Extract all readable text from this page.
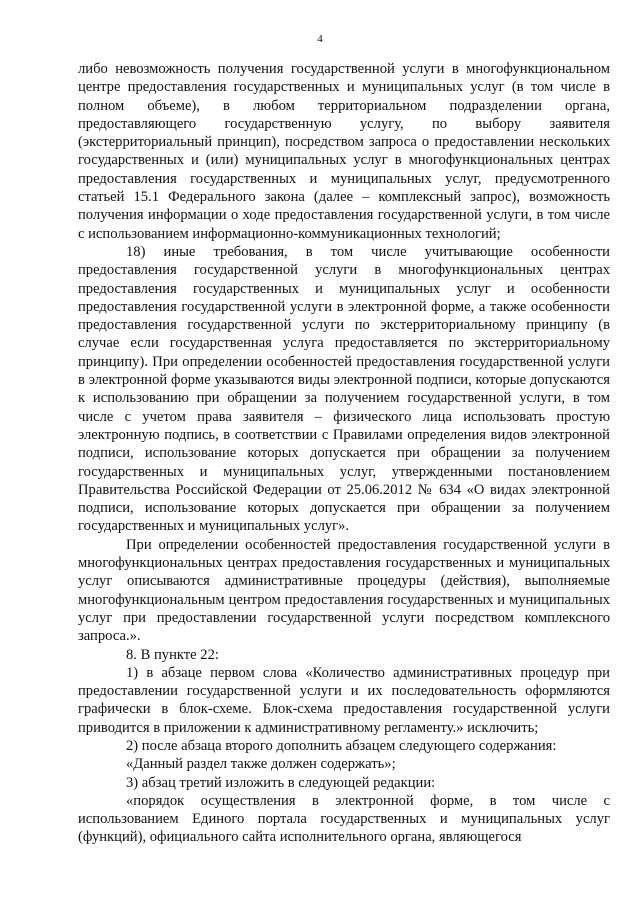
4

либо невозможность получения государственной услуги в многофункциональном центре предоставления государственных и муниципальных услуг (в том числе в полном объеме), в любом территориальном подразделении органа, предоставляющего государственную услугу, по выбору заявителя (экстерриториальный принцип), посредством запроса о предоставлении нескольких государственных и (или) муниципальных услуг в многофункциональных центрах предоставления государственных и муниципальных услуг, предусмотренного статьей 15.1 Федерального закона (далее – комплексный запрос), возможность получения информации о ходе предоставления государственной услуги, в том числе с использованием информационно-коммуникационных технологий;

18) иные требования, в том числе учитывающие особенности предоставления государственной услуги в многофункциональных центрах предоставления государственных и муниципальных услуг и особенности предоставления государственной услуги в электронной форме, а также особенности предоставления государственной услуги по экстерриториальному принципу (в случае если государственная услуга предоставляется по экстерриториальному принципу). При определении особенностей предоставления государственной услуги в электронной форме указываются виды электронной подписи, которые допускаются к использованию при обращении за получением государственной услуги, в том числе с учетом права заявителя – физического лица использовать простую электронную подпись, в соответствии с Правилами определения видов электронной подписи, использование которых допускается при обращении за получением государственных и муниципальных услуг, утвержденными постановлением Правительства Российской Федерации от 25.06.2012 № 634 «О видах электронной подписи, использование которых допускается при обращении за получением государственных и муниципальных услуг».

При определении особенностей предоставления государственной услуги в многофункциональных центрах предоставления государственных и муниципальных услуг описываются административные процедуры (действия), выполняемые многофункциональным центром предоставления государственных и муниципальных услуг при предоставлении государственной услуги посредством комплексного запроса.».

8. В пункте 22:

1) в абзаце первом слова «Количество административных процедур при предоставлении государственной услуги и их последовательность оформляются графически в блок-схеме. Блок-схема предоставления государственной услуги приводится в приложении к административному регламенту.» исключить;

2) после абзаца второго дополнить абзацем следующего содержания:

«Данный раздел также должен содержать»;

3) абзац третий изложить в следующей редакции:

«порядок осуществления в электронной форме, в том числе с использованием Единого портала государственных и муниципальных услуг (функций), официального сайта исполнительного органа, являющегося
